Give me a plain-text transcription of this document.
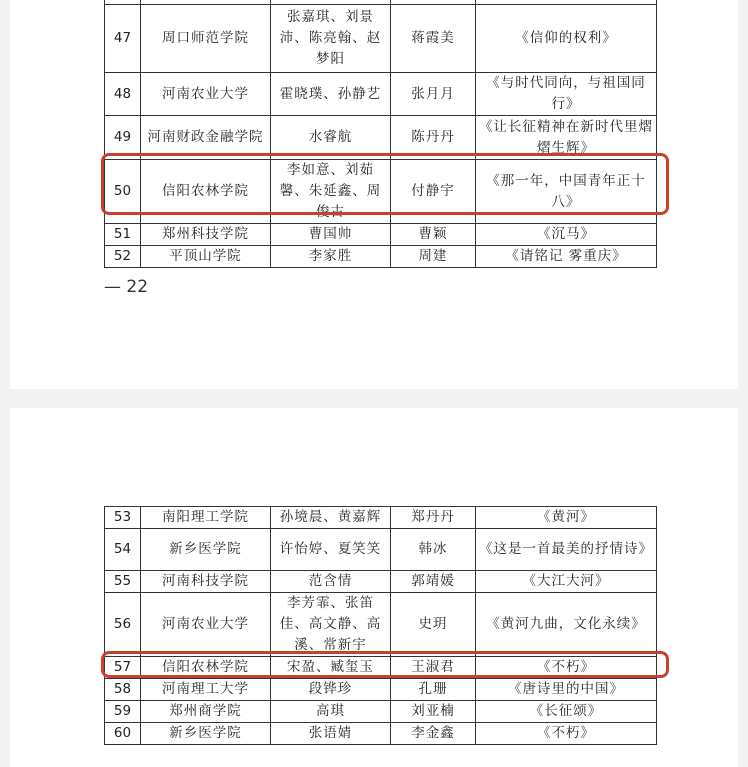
47	周口师范学院	张嘉琪、刘景沛、陈亮翰、赵梦阳	蒋霞美	《信仰的权利》
48	河南农业大学	霍晓璞、孙静艺	张月月	《与时代同向，与祖国同行》
49	河南财政金融学院	水睿航	陈丹丹	《让长征精神在新时代里熠熠生辉》
50	信阳农林学院	李如意、刘茹馨、朱延鑫、周俊古	付静宇	《那一年，中国青年正十八》
51	郑州科技学院	曹国帅	曹颖	《沉马》
52	平顶山学院	李家胜	周建	《请铭记 雾重庆》
— 22
53	南阳理工学院	孙境晨、黄嘉辉	郑丹丹	《黄河》
54	新乡医学院	许怡婷、夏笑笑	韩冰	《这是一首最美的抒情诗》
55	河南科技学院	范含情	郭靖媛	《大江大河》
56	河南农业大学	李芳霏、张笛佳、高文静、高溪、常新宇	史玥	《黄河九曲，文化永续》
57	信阳农林学院	宋盈、臧玺玉	王淑君	《不朽》
58	河南理工大学	段铧珍	孔珊	《唐诗里的中国》
59	郑州商学院	高琪	刘亚楠	《长征颂》
60	新乡医学院	张语婧	李金鑫	《不朽》
